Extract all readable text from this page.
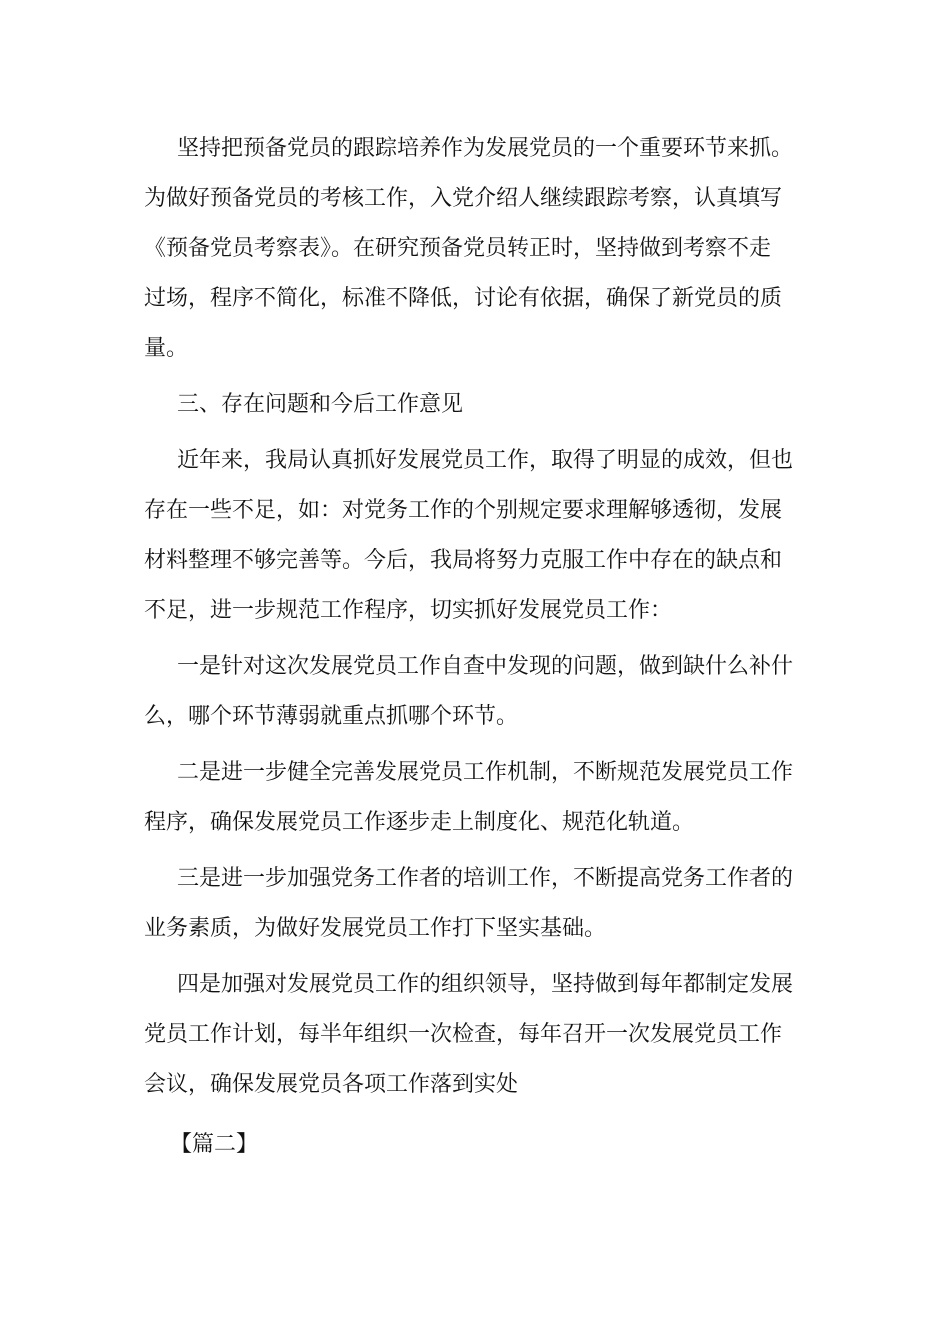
坚持把预备党员的跟踪培养作为发展党员的一个重要环节来抓。
为做好预备党员的考核工作，入党介绍人继续跟踪考察，认真填写
《预备党员考察表》。在研究预备党员转正时，坚持做到考察不走
过场，程序不简化，标准不降低，讨论有依据，确保了新党员的质
量。

三、存在问题和今后工作意见

近年来，我局认真抓好发展党员工作，取得了明显的成效，但也
存在一些不足，如：对党务工作的个别规定要求理解够透彻，发展
材料整理不够完善等。今后，我局将努力克服工作中存在的缺点和
不足，进一步规范工作程序，切实抓好发展党员工作：

一是针对这次发展党员工作自查中发现的问题，做到缺什么补什
么，哪个环节薄弱就重点抓哪个环节。

二是进一步健全完善发展党员工作机制，不断规范发展党员工作
程序，确保发展党员工作逐步走上制度化、规范化轨道。

三是进一步加强党务工作者的培训工作，不断提高党务工作者的
业务素质，为做好发展党员工作打下坚实基础。

四是加强对发展党员工作的组织领导，坚持做到每年都制定发展
党员工作计划，每半年组织一次检查，每年召开一次发展党员工作
会议，确保发展党员各项工作落到实处

【篇二】
